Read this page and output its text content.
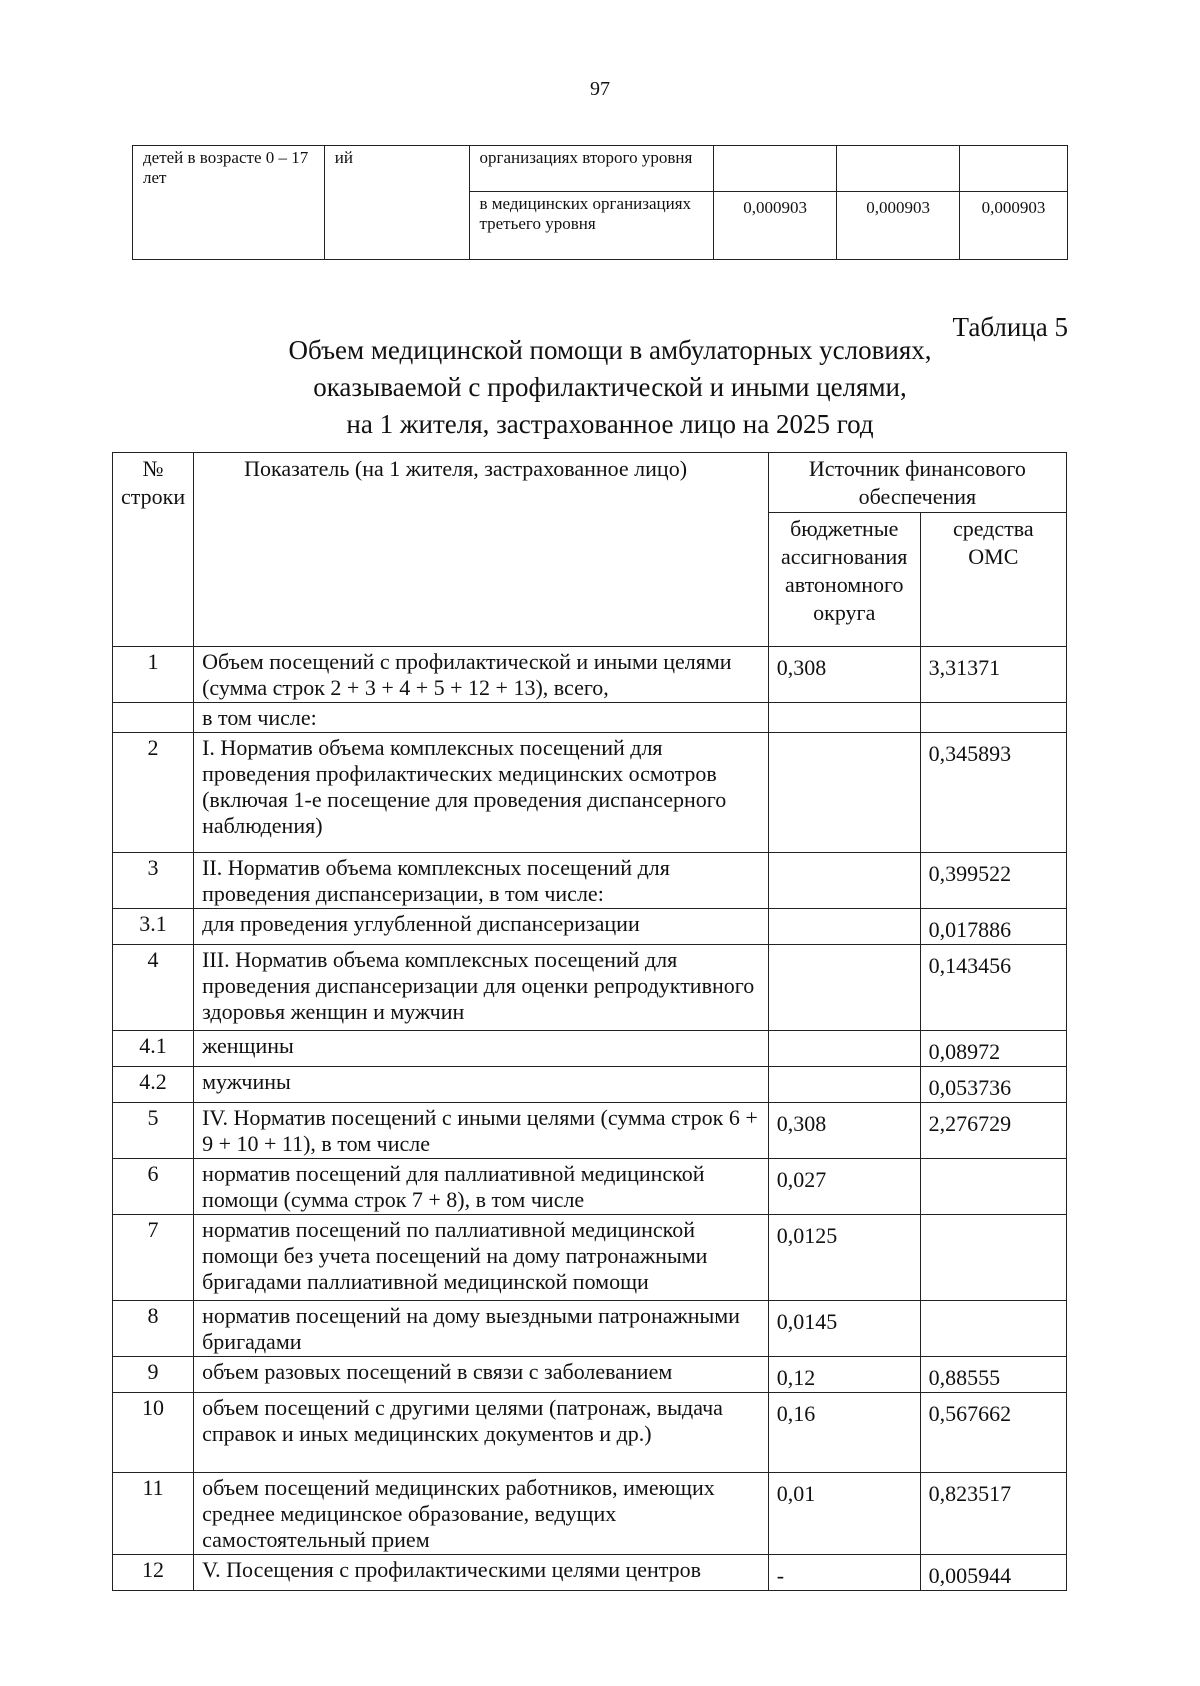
97
детей в возрасте 0 – 17 лет	ий	организациях второго уровня			
		в медицинских организациях третьего уровня	0,000903	0,000903	0,000903
Таблица 5
Объем медицинской помощи в амбулаторных условиях,
оказываемой с профилактической и иными целями,
на 1 жителя, застрахованное лицо на 2025 год
№ строки	Показатель (на 1 жителя, застрахованное лицо)	Источник финансового обеспечения	
		бюджетные ассигнования автономного округа	средства ОМС
1	Объем посещений с профилактической и иными целями (сумма строк 2 + 3 + 4 + 5 + 12 + 13), всего,	0,308	3,31371
	в том числе:		
2	I. Норматив объема комплексных посещений для проведения профилактических медицинских осмотров (включая 1-е посещение для проведения диспансерного наблюдения)		0,345893
3	II. Норматив объема комплексных посещений для проведения диспансеризации, в том числе:		0,399522
3.1	для проведения углубленной диспансеризации		0,017886
4	III. Норматив объема комплексных посещений для проведения диспансеризации для оценки репродуктивного здоровья женщин и мужчин		0,143456
4.1	женщины		0,08972
4.2	мужчины		0,053736
5	IV. Норматив посещений с иными целями (сумма строк 6 + 9 + 10 + 11), в том числе	0,308	2,276729
6	норматив посещений для паллиативной медицинской помощи (сумма строк 7 + 8), в том числе	0,027	
7	норматив посещений по паллиативной медицинской помощи без учета посещений на дому патронажными бригадами паллиативной медицинской помощи	0,0125	
8	норматив посещений на дому выездными патронажными бригадами	0,0145	
9	объем разовых посещений в связи с заболеванием	0,12	0,88555
10	объем посещений с другими целями (патронаж, выдача справок и иных медицинских документов и др.)	0,16	0,567662
11	объем посещений медицинских работников, имеющих среднее медицинское образование, ведущих самостоятельный прием	0,01	0,823517
12	V. Посещения с профилактическими целями центров	-	0,005944
